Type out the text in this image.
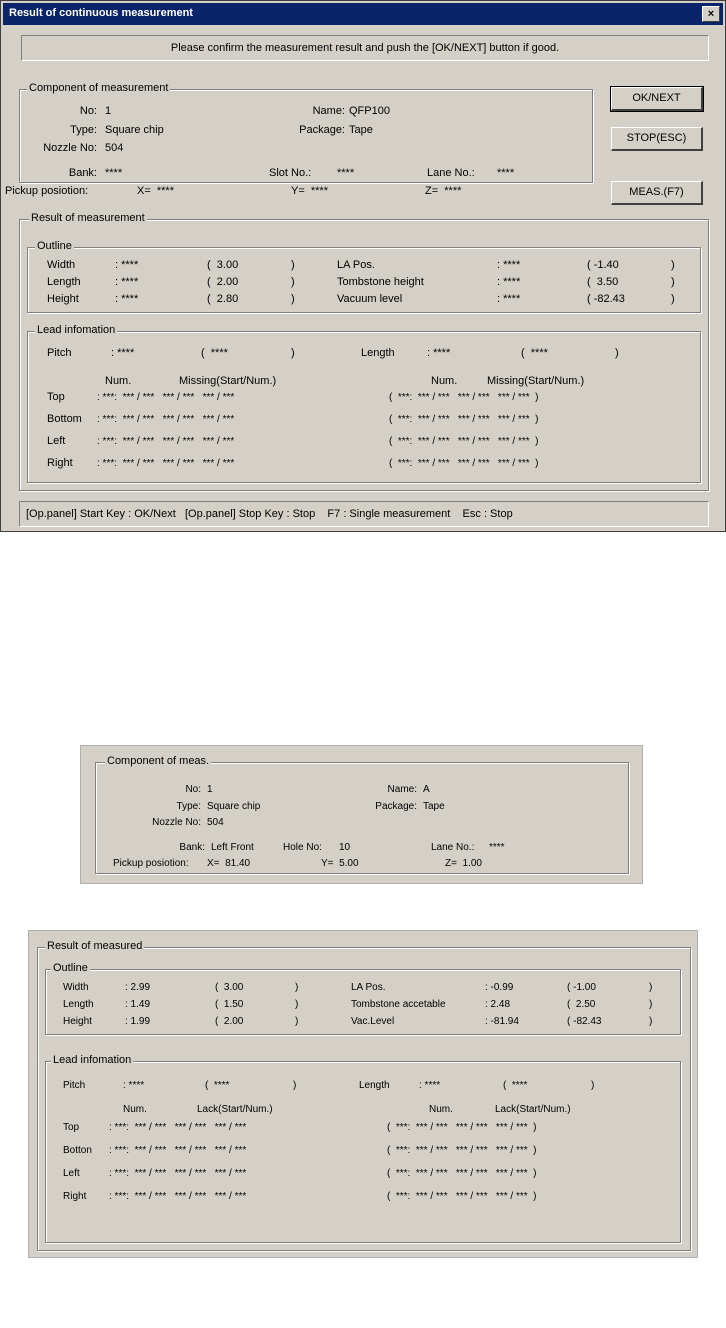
Result of continuous measurement	×
Please confirm the measurement result and push the [OK/NEXT] button if good.
Component of measurement
No: 1
Type: Square chip
Nozzle No: 504
Name: QFP100
Package: Tape
Bank: ****	Slot No.: ****	Lane No.: ****
Pickup posiotion:	X=  ****	Y=  ****	Z=  ****
OK/NEXT
STOP(ESC)
MEAS.(F7)
Result of measurement
Outline
Width	: ****	(  3.00	)	LA Pos.	: ****	( -1.40	)
Length	: ****	(  2.00	)	Tombstone height	: ****	(  3.50	)
Height	: ****	(  2.80	)	Vacuum level	: ****	( -82.43	)
Lead infomation
Pitch	: ****	(  ****	)	Length	: ****	(  ****	)
Num.	Missing(Start/Num.)	Num.	Missing(Start/Num.)
Top	: ***:  *** / ***   *** / ***   *** / ***	(  ***:  *** / ***   *** / ***   *** / ***  )
Bottom : ***:  *** / ***   *** / ***   *** / ***	(  ***:  *** / ***   *** / ***   *** / ***  )
Left	: ***:  *** / ***   *** / ***   *** / ***	(  ***:  *** / ***   *** / ***   *** / ***  )
Right : ***:  *** / ***   *** / ***   *** / ***	(  ***:  *** / ***   *** / ***   *** / ***  )
[Op.panel] Start Key : OK/Next   [Op.panel] Stop Key : Stop    F7 : Single measurement    Esc : Stop
Component of meas.
No: 1
Type: Square chip
Nozzle No: 504
Name: A
Package: Tape
Bank: Left Front	Hole No: 10	Lane No.: ****
Pickup posiotion: X=  81.40	Y=  5.00	Z=  1.00
Result of measured
Outline
Width	: 2.99	(  3.00	)	LA Pos.	: -0.99	( -1.00	)
Length	: 1.49	(  1.50	)	Tombstone accetable	: 2.48	(  2.50	)
Height	: 1.99	(  2.00	)	Vac.Level	: -81.94	( -82.43	)
Lead infomation
Pitch	: ****	(  ****	)	Length	: ****	(  ****	)
Num.	Lack(Start/Num.)	Num.	Lack(Start/Num.)
Top	: ***:  *** / ***   *** / ***   *** / ***	(  ***:  *** / ***   *** / ***   *** / ***  )
Botton : ***:  *** / ***   *** / ***   *** / ***	(  ***:  *** / ***   *** / ***   *** / ***  )
Left	: ***:  *** / ***   *** / ***   *** / ***	(  ***:  *** / ***   *** / ***   *** / ***  )
Right : ***:  *** / ***   *** / ***   *** / ***	(  ***:  *** / ***   *** / ***   *** / ***  )
